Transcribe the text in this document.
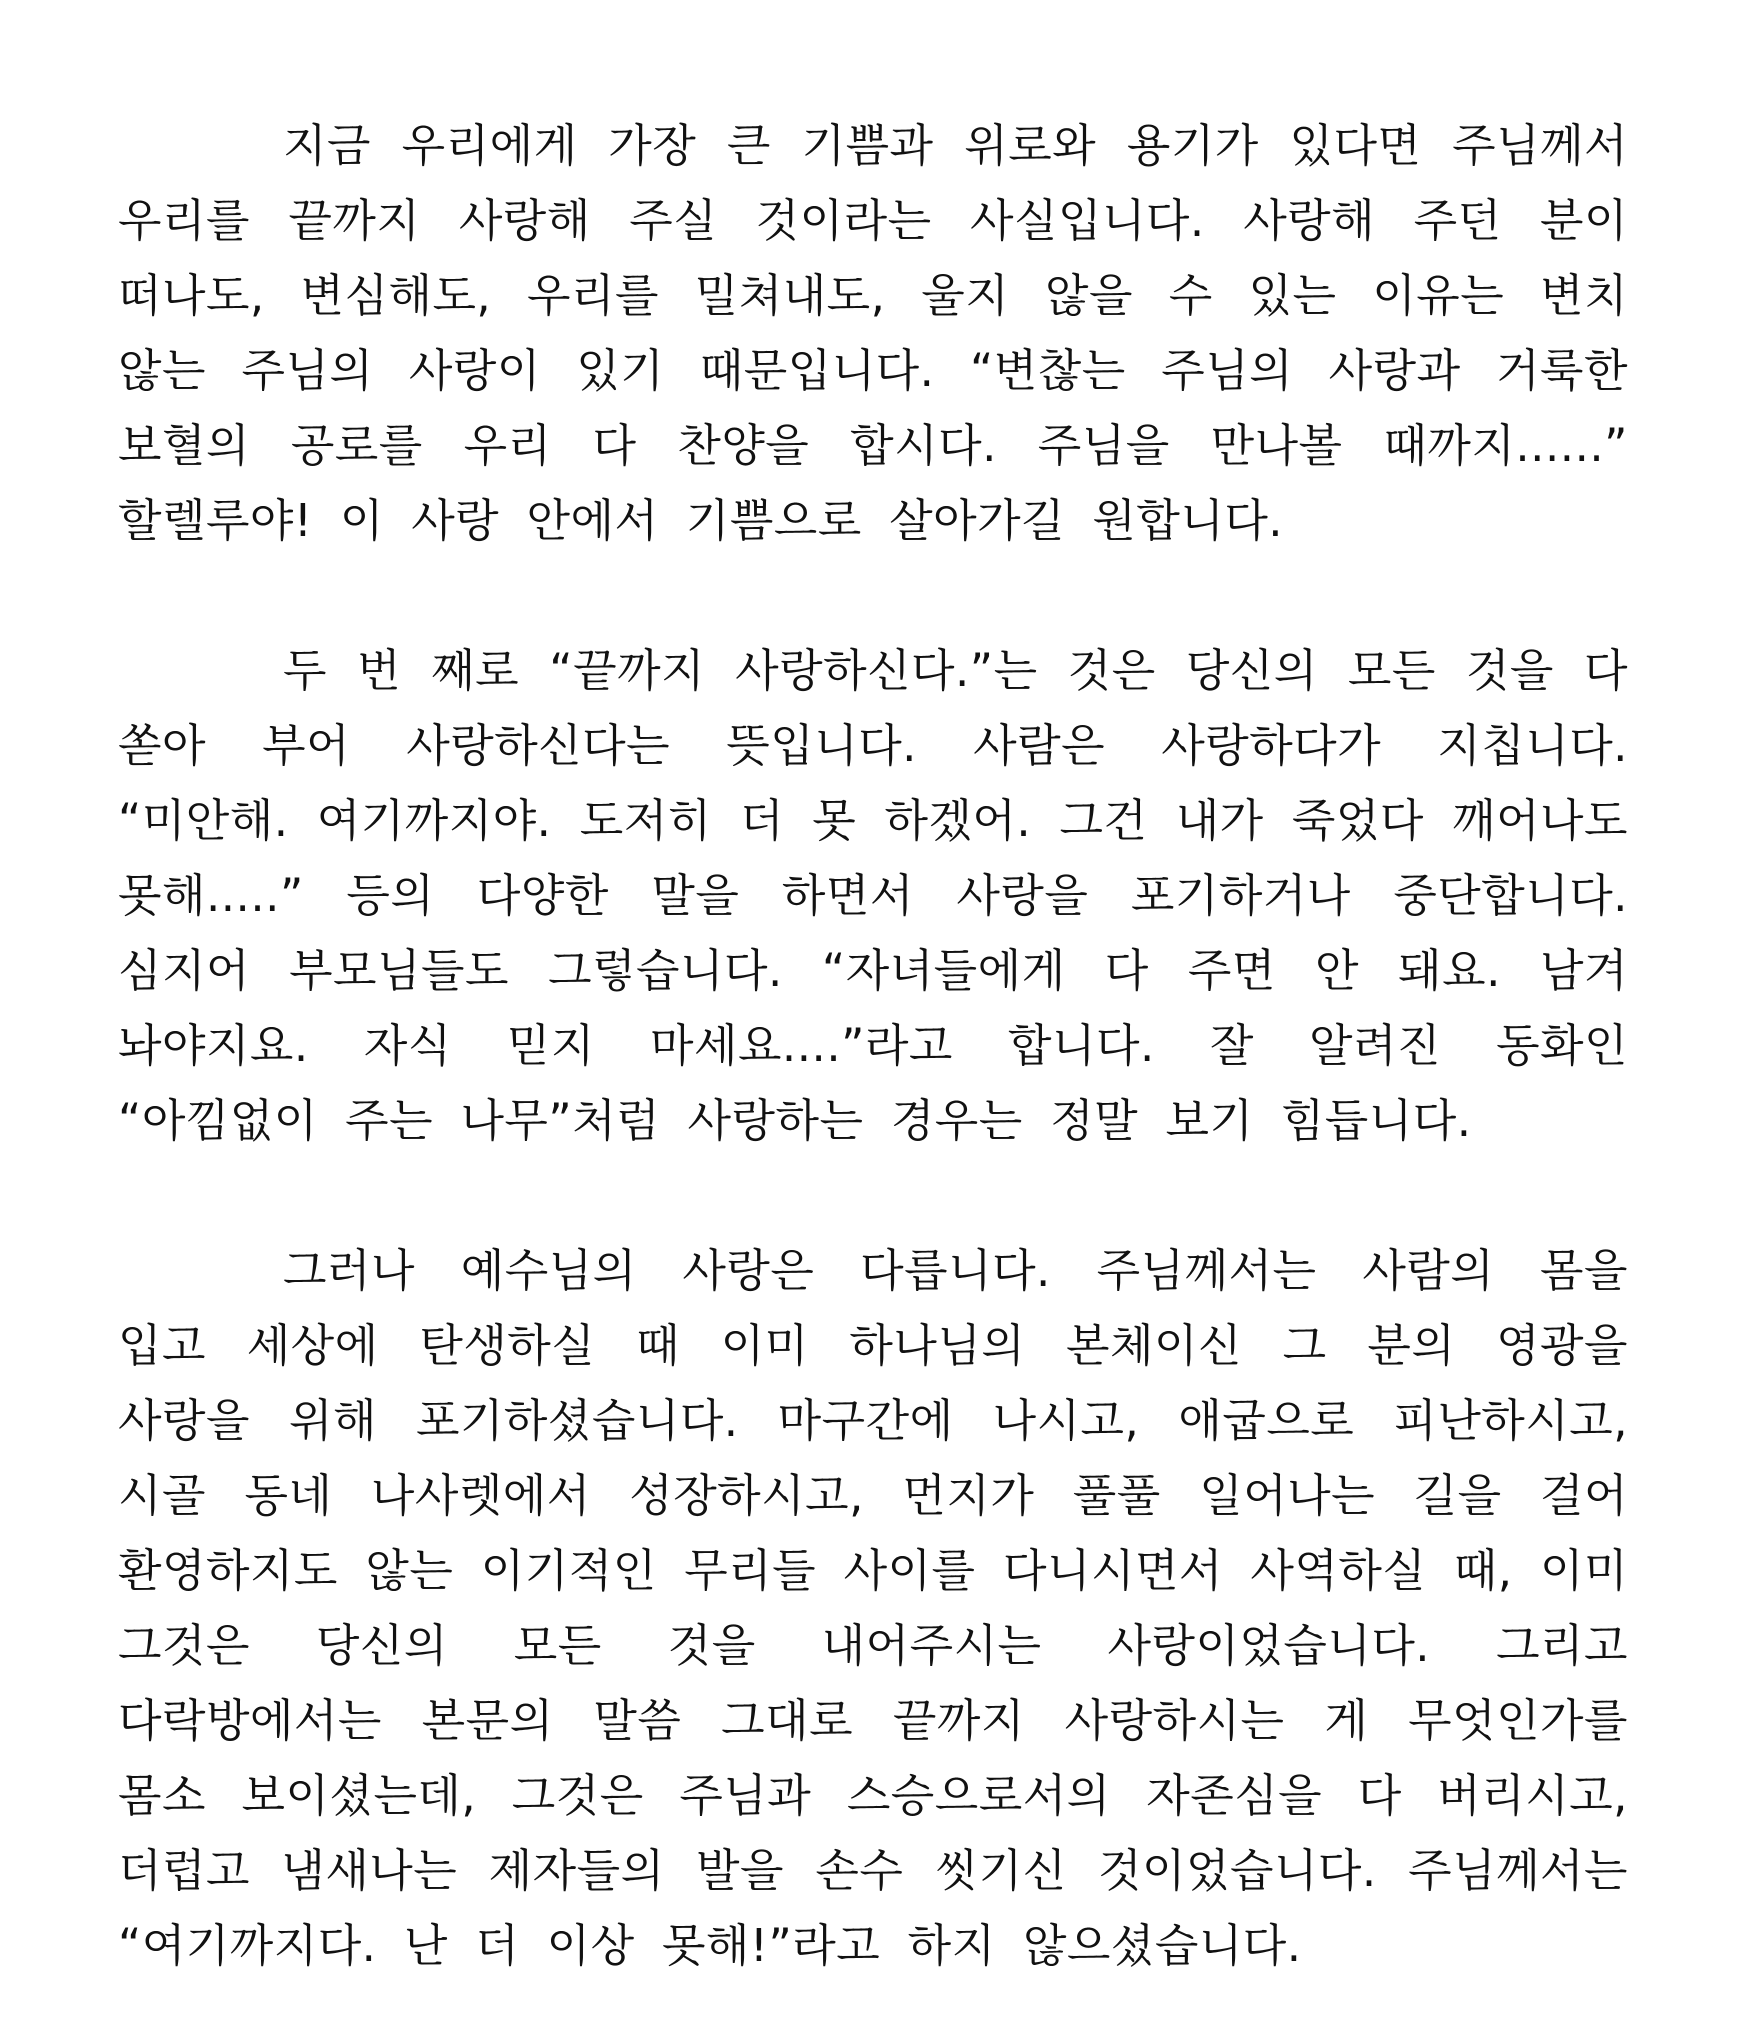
지금 우리에게 가장 큰 기쁨과 위로와 용기가 있다면 주님께서 우리를 끝까지 사랑해 주실 것이라는 사실입니다. 사랑해 주던 분이 떠나도, 변심해도, 우리를 밀쳐내도, 울지 않을 수 있는 이유는 변치 않는 주님의 사랑이 있기 때문입니다. “변찮는 주님의 사랑과 거룩한 보혈의 공로를 우리 다 찬양을 합시다. 주님을 만나볼 때까지......” 할렐루야! 이 사랑 안에서 기쁨으로 살아가길 원합니다.

두 번 째로 “끝까지 사랑하신다.”는 것은 당신의 모든 것을 다 쏟아 부어 사랑하신다는 뜻입니다. 사람은 사랑하다가 지칩니다. “미안해. 여기까지야. 도저히 더 못 하겠어. 그건 내가 죽었다 깨어나도 못해.....” 등의 다양한 말을 하면서 사랑을 포기하거나 중단합니다. 심지어 부모님들도 그렇습니다. “자녀들에게 다 주면 안 돼요. 남겨 놔야지요. 자식 믿지 마세요....”라고 합니다. 잘 알려진 동화인 “아낌없이 주는 나무”처럼 사랑하는 경우는 정말 보기 힘듭니다.

그러나 예수님의 사랑은 다릅니다. 주님께서는 사람의 몸을 입고 세상에 탄생하실 때 이미 하나님의 본체이신 그 분의 영광을 사랑을 위해 포기하셨습니다. 마구간에 나시고, 애굽으로 피난하시고, 시골 동네 나사렛에서 성장하시고, 먼지가 풀풀 일어나는 길을 걸어 환영하지도 않는 이기적인 무리들 사이를 다니시면서 사역하실 때, 이미 그것은 당신의 모든 것을 내어주시는 사랑이었습니다. 그리고 다락방에서는 본문의 말씀 그대로 끝까지 사랑하시는 게 무엇인가를 몸소 보이셨는데, 그것은 주님과 스승으로서의 자존심을 다 버리시고, 더럽고 냄새나는 제자들의 발을 손수 씻기신 것이었습니다. 주님께서는 “여기까지다. 난 더 이상 못해!”라고 하지 않으셨습니다.
